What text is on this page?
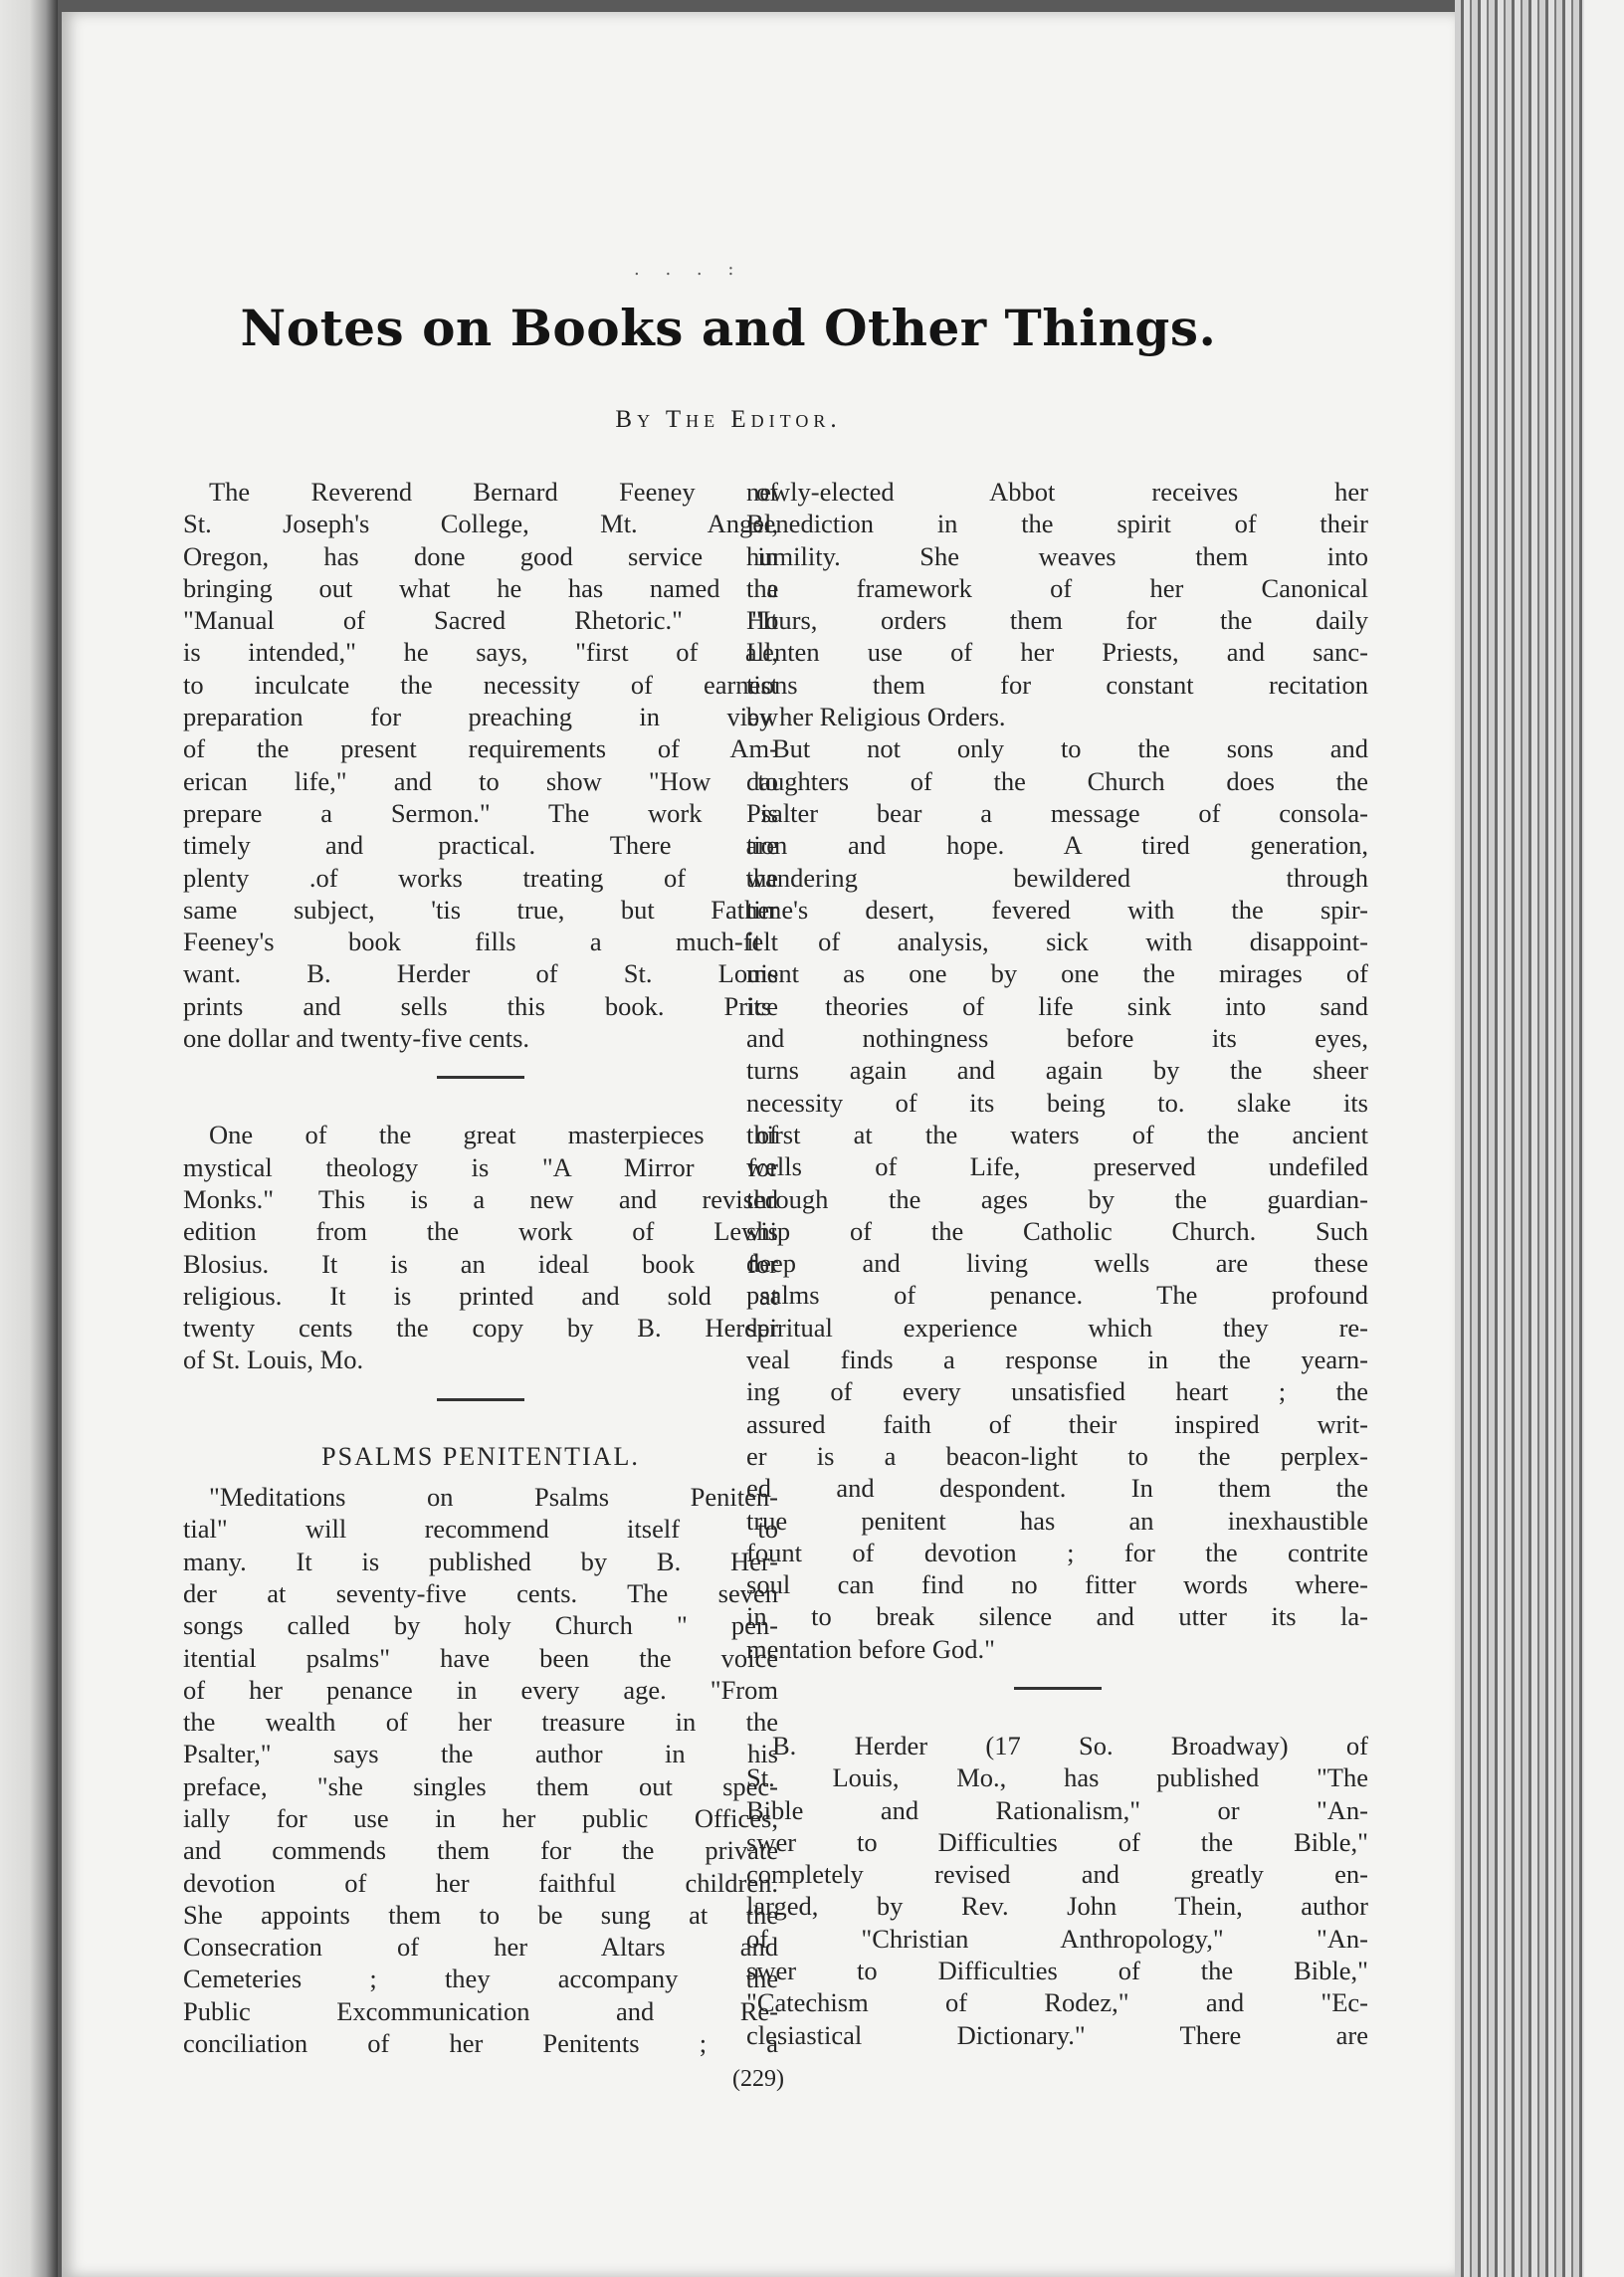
. . . :
Notes on Books and Other Things.
By The Editor.
The Reverend Bernard Feeney of
St. Joseph's College, Mt. Angel,
Oregon, has done good service in
bringing out what he has named a
"Manual of Sacred Rhetoric." "It
is intended," he says, "first of all,
to inculcate the necessity of earnest
preparation for preaching in view
of the present requirements of Am-
erican life," and to show "How to
prepare a Sermon." The work is
timely and practical. There are
plenty .of works treating of the
same subject, 'tis true, but Father
Feeney's book fills a much-felt
want. B. Herder of St. Louis
prints and sells this book. Price
one dollar and twenty-five cents.
One of the great masterpieces of
mystical theology is "A Mirror for
Monks." This is a new and revised
edition from the work of Lewis
Blosius. It is an ideal book for
religious. It is printed and sold at
twenty cents the copy by B. Herder
of St. Louis, Mo.
PSALMS PENITENTIAL.
"Meditations on Psalms Peniten-
tial" will recommend itself to
many. It is published by B. Her-
der at seventy-five cents. The seven
songs called by holy Church " pen-
itential psalms" have been the voice
of her penance in every age. "From
the wealth of her treasure in the
Psalter," says the author in his
preface, "she singles them out spec-
ially for use in her public Offices,
and commends them for the private
devotion of her faithful children.
She appoints them to be sung at the
Consecration of her Altars and
Cemeteries ; they accompany the
Public Excommunication and Re-
conciliation of her Penitents ; a
newly-elected Abbot receives her
Benediction in the spirit of their
humility. She weaves them into
the framework of her Canonical
Hours, orders them for the daily
Lenten use of her Priests, and sanc-
tions them for constant recitation
by her Religious Orders.
But not only to the sons and
daughters of the Church does the
Psalter bear a message of consola-
tion and hope. A tired generation,
wandering bewildered through
time's desert, fevered with the spir-
it of analysis, sick with disappoint-
ment as one by one the mirages of
its theories of life sink into sand
and nothingness before its eyes,
turns again and again by the sheer
necessity of its being to. slake its
thirst at the waters of the ancient
wells of Life, preserved undefiled
through the ages by the guardian-
ship of the Catholic Church. Such
deep and living wells are these
psalms of penance. The profound
spiritual experience which they re-
veal finds a response in the yearn-
ing of every unsatisfied heart ; the
assured faith of their inspired writ-
er is a beacon-light to the perplex-
ed and despondent. In them the
true penitent has an inexhaustible
fount of devotion ; for the contrite
soul can find no fitter words where-
in to break silence and utter its la-
mentation before God."
B. Herder (17 So. Broadway) of
St. Louis, Mo., has published "The
Bible and Rationalism," or "An-
swer to Difficulties of the Bible,"
completely revised and greatly en-
larged, by Rev. John Thein, author
of "Christian Anthropology," "An-
swer to Difficulties of the Bible,"
"Catechism of Rodez," and "Ec-
clesiastical Dictionary." There are
(229)
